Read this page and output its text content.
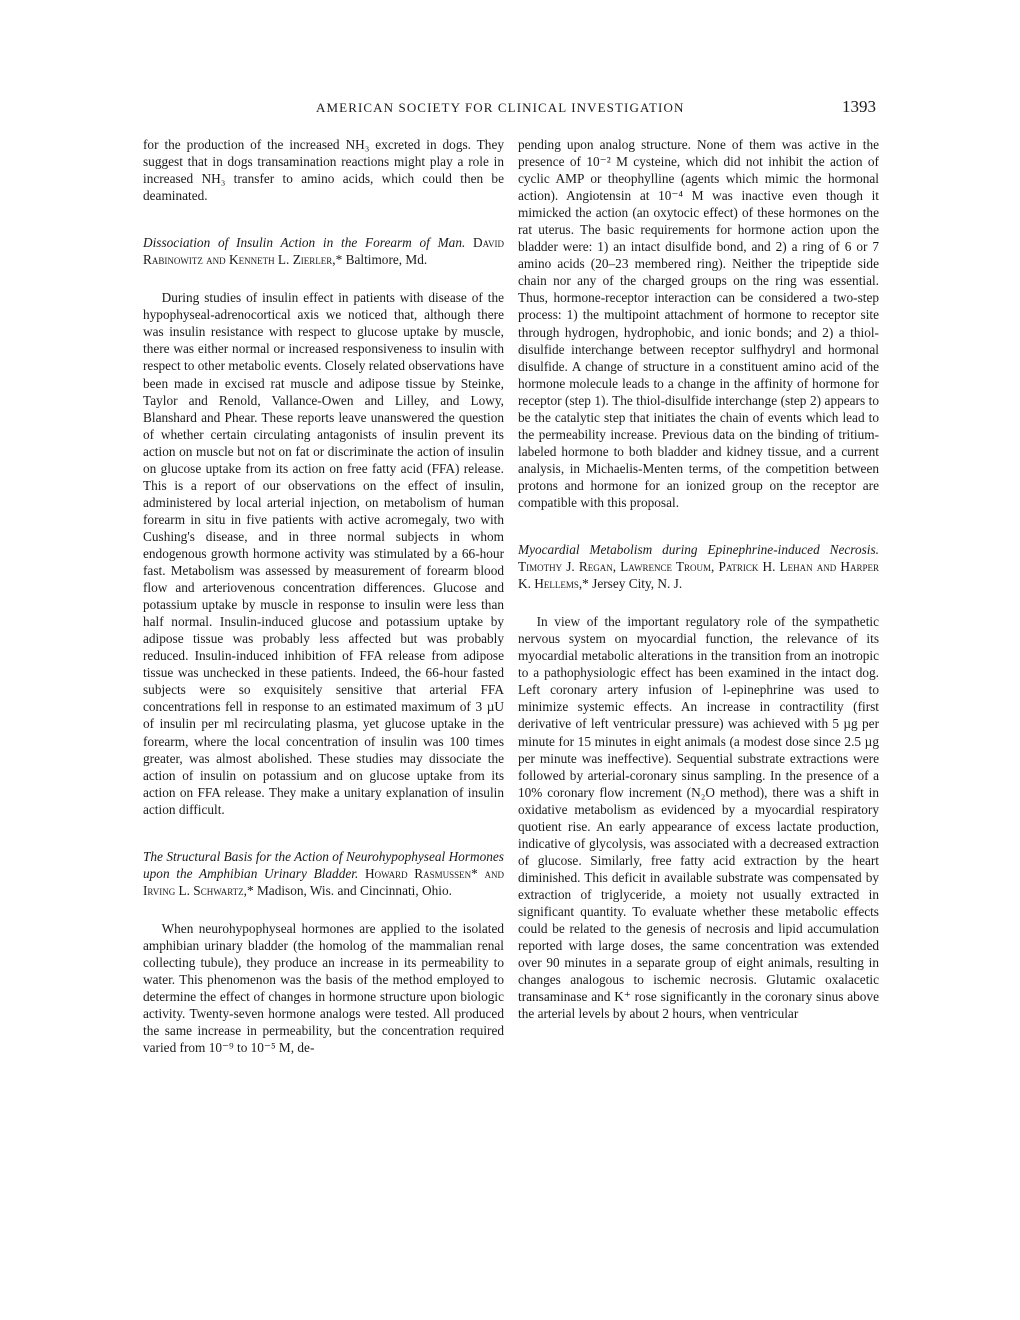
AMERICAN SOCIETY FOR CLINICAL INVESTIGATION	1393

for the production of the increased NH₃ excreted in dogs. They suggest that in dogs transamination reactions might play a role in increased NH₃ transfer to amino acids, which could then be deaminated.

Dissociation of Insulin Action in the Forearm of Man. David Rabinowitz and Kenneth L. Zierler,* Baltimore, Md.

During studies of insulin effect in patients with disease of the hypophyseal-adrenocortical axis we noticed that, although there was insulin resistance with respect to glucose uptake by muscle, there was either normal or increased responsiveness to insulin with respect to other metabolic events. Closely related observations have been made in excised rat muscle and adipose tissue by Steinke, Taylor and Renold, Vallance-Owen and Lilley, and Lowy, Blanshard and Phear. These reports leave unanswered the question of whether certain circulating antagonists of insulin prevent its action on muscle but not on fat or discriminate the action of insulin on glucose uptake from its action on free fatty acid (FFA) release. This is a report of our observations on the effect of insulin, administered by local arterial injection, on metabolism of human forearm in situ in five patients with active acromegaly, two with Cushing's disease, and in three normal subjects in whom endogenous growth hormone activity was stimulated by a 66-hour fast. Metabolism was assessed by measurement of forearm blood flow and arteriovenous concentration differences. Glucose and potassium uptake by muscle in response to insulin were less than half normal. Insulin-induced glucose and potassium uptake by adipose tissue was probably less affected but was probably reduced. Insulin-induced inhibition of FFA release from adipose tissue was unchecked in these patients. Indeed, the 66-hour fasted subjects were so exquisitely sensitive that arterial FFA concentrations fell in response to an estimated maximum of 3 µU of insulin per ml recirculating plasma, yet glucose uptake in the forearm, where the local concentration of insulin was 100 times greater, was almost abolished. These studies may dissociate the action of insulin on potassium and on glucose uptake from its action on FFA release. They make a unitary explanation of insulin action difficult.

The Structural Basis for the Action of Neurohypophyseal Hormones upon the Amphibian Urinary Bladder. Howard Rasmussen* and Irving L. Schwartz,* Madison, Wis. and Cincinnati, Ohio.

When neurohypophyseal hormones are applied to the isolated amphibian urinary bladder (the homolog of the mammalian renal collecting tubule), they produce an increase in its permeability to water. This phenomenon was the basis of the method employed to determine the effect of changes in hormone structure upon biologic activity. Twenty-seven hormone analogs were tested. All produced the same increase in permeability, but the concentration required varied from 10⁻⁹ to 10⁻⁵ M, de-

pending upon analog structure. None of them was active in the presence of 10⁻² M cysteine, which did not inhibit the action of cyclic AMP or theophylline (agents which mimic the hormonal action). Angiotensin at 10⁻⁴ M was inactive even though it mimicked the action (an oxytocic effect) of these hormones on the rat uterus. The basic requirements for hormone action upon the bladder were: 1) an intact disulfide bond, and 2) a ring of 6 or 7 amino acids (20–23 membered ring). Neither the tripeptide side chain nor any of the charged groups on the ring was essential. Thus, hormone-receptor interaction can be considered a two-step process: 1) the multipoint attachment of hormone to receptor site through hydrogen, hydrophobic, and ionic bonds; and 2) a thiol-disulfide interchange between receptor sulfhydryl and hormonal disulfide. A change of structure in a constituent amino acid of the hormone molecule leads to a change in the affinity of hormone for receptor (step 1). The thiol-disulfide interchange (step 2) appears to be the catalytic step that initiates the chain of events which lead to the permeability increase. Previous data on the binding of tritium-labeled hormone to both bladder and kidney tissue, and a current analysis, in Michaelis-Menten terms, of the competition between protons and hormone for an ionized group on the receptor are compatible with this proposal.

Myocardial Metabolism during Epinephrine-induced Necrosis. Timothy J. Regan, Lawrence Troum, Patrick H. Lehan and Harper K. Hellems,* Jersey City, N. J.

In view of the important regulatory role of the sympathetic nervous system on myocardial function, the relevance of its myocardial metabolic alterations in the transition from an inotropic to a pathophysiologic effect has been examined in the intact dog. Left coronary artery infusion of l-epinephrine was used to minimize systemic effects. An increase in contractility (first derivative of left ventricular pressure) was achieved with 5 µg per minute for 15 minutes in eight animals (a modest dose since 2.5 µg per minute was ineffective). Sequential substrate extractions were followed by arterial-coronary sinus sampling. In the presence of a 10% coronary flow increment (N₂O method), there was a shift in oxidative metabolism as evidenced by a myocardial respiratory quotient rise. An early appearance of excess lactate production, indicative of glycolysis, was associated with a decreased extraction of glucose. Similarly, free fatty acid extraction by the heart diminished. This deficit in available substrate was compensated by extraction of triglyceride, a moiety not usually extracted in significant quantity. To evaluate whether these metabolic effects could be related to the genesis of necrosis and lipid accumulation reported with large doses, the same concentration was extended over 90 minutes in a separate group of eight animals, resulting in changes analogous to ischemic necrosis. Glutamic oxalacetic transaminase and K⁺ rose significantly in the coronary sinus above the arterial levels by about 2 hours, when ventricular
